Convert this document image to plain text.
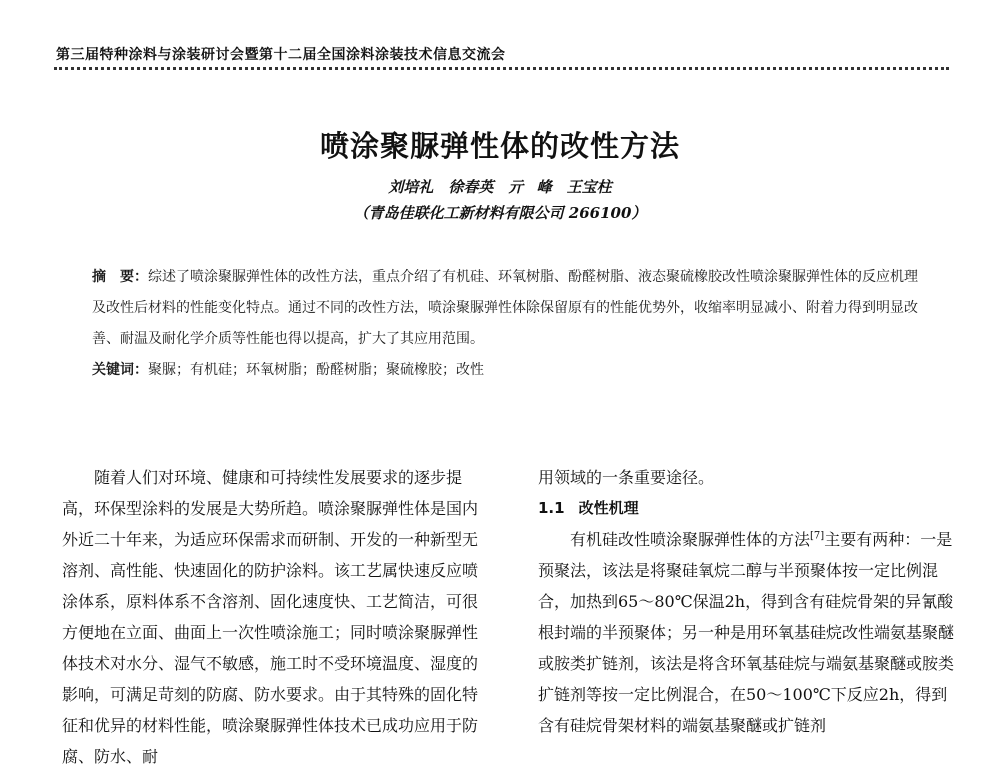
第三届特种涂料与涂装研讨会暨第十二届全国涂料涂装技术信息交流会
喷涂聚脲弹性体的改性方法
刘培礼　徐春英　亓 峰　王宝柱
（青岛佳联化工新材料有限公司 266100）

摘　要：综述了喷涂聚脲弹性体的改性方法，重点介绍了有机硅、环氧树脂、酚醛树脂、液态聚硫橡胶改性喷涂聚脲弹性体的反应机理及改性后材料的性能变化特点。通过不同的改性方法，喷涂聚脲弹性体除保留原有的性能优势外，收缩率明显减小、附着力得到明显改善、耐温及耐化学介质等性能也得以提高，扩大了其应用范围。

关键词：聚脲；有机硅；环氧树脂；酚醛树脂；聚硫橡胶；改性

随着人们对环境、健康和可持续性发展要求的逐步提高，环保型涂料的发展是大势所趋。喷涂聚脲弹性体是国内外近二十年来，为适应环保需求而研制、开发的一种新型无溶剂、高性能、快速固化的防护涂料。该工艺属快速反应喷涂体系，原料体系不含溶剂、固化速度快、工艺简洁，可很方便地在立面、曲面上一次性喷涂施工；同时喷涂聚脲弹性体技术对水分、湿气不敏感，施工时不受环境温度、湿度的影响，可满足苛刻的防腐、防水要求。由于其特殊的固化特征和优异的材料性能，喷涂聚脲弹性体技术已成功应用于防腐、防水、耐

用领域的一条重要途径。

1.1 改性机理

有机硅改性喷涂聚脲弹性体的方法[7]主要有两种：一是预聚法，该法是将聚硅氧烷二醇与半预聚体按一定比例混合，加热到65～80℃保温2h，得到含有硅烷骨架的异氰酸根封端的半预聚体；另一种是用环氧基硅烷改性端氨基聚醚或胺类扩链剂，该法是将含环氧基硅烷与端氨基聚醚或胺类扩链剂等按一定比例混合，在50～100℃下反应2h，得到含有硅烷骨架材料的端氨基聚醚或扩链剂
